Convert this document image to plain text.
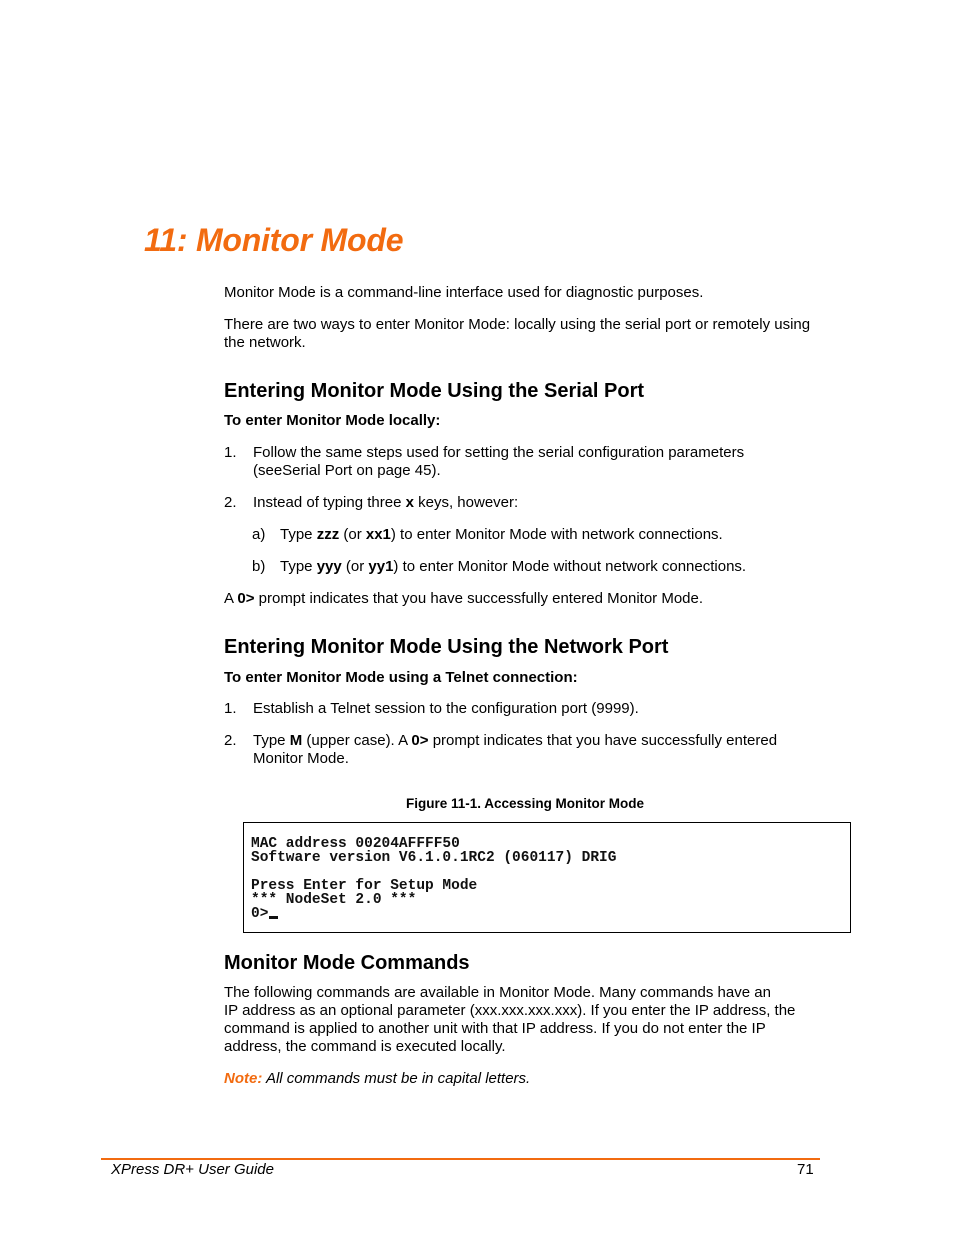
11: Monitor Mode

Monitor Mode is a command-line interface used for diagnostic purposes.

There are two ways to enter Monitor Mode: locally using the serial port or remotely using

the network.

Entering Monitor Mode Using the Serial Port
To enter Monitor Mode locally:
1. Follow the same steps used for setting the serial configuration parameters
(seeSerial Port on page 45).
2. Instead of typing three x keys, however:
a) Type zzz (or xx1) to enter Monitor Mode with network connections.
b) Type yyy (or yy1) to enter Monitor Mode without network connections.
A 0> prompt indicates that you have successfully entered Monitor Mode.
Entering Monitor Mode Using the Network Port
To enter Monitor Mode using a Telnet connection:
1. Establish a Telnet session to the configuration port (9999).
2. Type M (upper case). A 0> prompt indicates that you have successfully entered
Monitor Mode.

Figure 11-1. Accessing Monitor Mode

MAC address 00204AFFFF50
Software version V6.1.0.1RC2 (060117) DRIG
Press Enter for Setup Mode
*** NodeSet 2.0 ***
0>
Monitor Mode Commands
The following commands are available in Monitor Mode. Many commands have an
IP address as an optional parameter (xxx.xxx.xxx.xxx). If you enter the IP address, the
command is applied to another unit with that IP address. If you do not enter the IP
address, the command is executed locally.
Note: All commands must be in capital letters.
XPress DR+ User Guide	71
